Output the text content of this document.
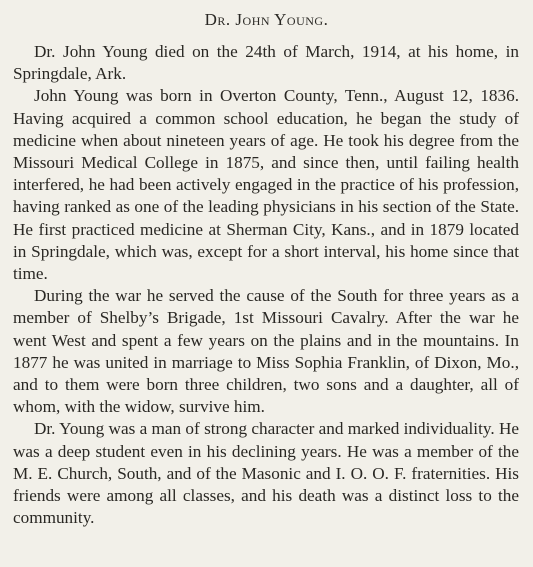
Dr. John Young.

Dr. John Young died on the 24th of March, 1914, at his home, in Springdale, Ark.

John Young was born in Overton County, Tenn., August 12, 1836. Having acquired a common school education, he began the study of medicine when about nineteen years of age. He took his degree from the Missouri Medical College in 1875, and since then, until failing health interfered, he had been actively engaged in the practice of his profession, having ranked as one of the leading physicians in his section of the State. He first practiced medicine at Sherman City, Kans., and in 1879 located in Springdale, which was, except for a short interval, his home since that time.

During the war he served the cause of the South for three years as a member of Shelby’s Brigade, 1st Missouri Cavalry. After the war he went West and spent a few years on the plains and in the mountains. In 1877 he was united in marriage to Miss Sophia Franklin, of Dixon, Mo., and to them were born three children, two sons and a daughter, all of whom, with the widow, survive him.

Dr. Young was a man of strong character and marked individuality. He was a deep student even in his declining years. He was a member of the M. E. Church, South, and of the Masonic and I. O. O. F. fraternities. His friends were among all classes, and his death was a distinct loss to the community.
